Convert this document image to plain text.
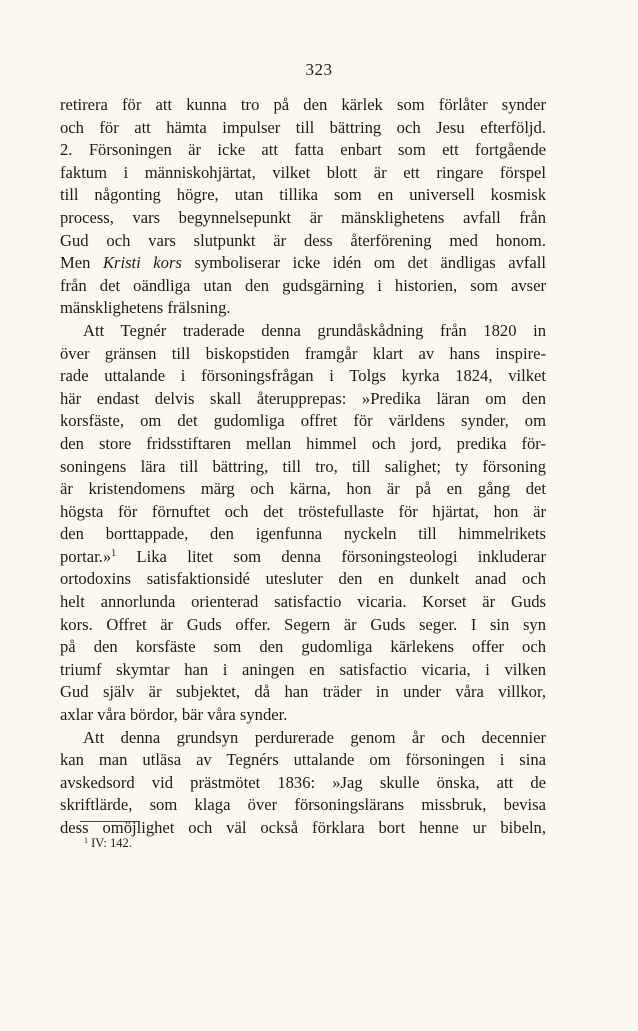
323
retirera för att kunna tro på den kärlek som förlåter synder
och för att hämta impulser till bättring och Jesu efterföljd.
2. Försoningen är icke att fatta enbart som ett fortgående
faktum i människohjärtat, vilket blott är ett ringare förspel
till någonting högre, utan tillika som en universell kosmisk
process, vars begynnelsepunkt är mänsklighetens avfall från
Gud och vars slutpunkt är dess återförening med honom.
Men Kristi kors symboliserar icke idén om det ändligas avfall
från det oändliga utan den gudsgärning i historien, som avser
mänsklighetens frälsning.
Att Tegnér traderade denna grundåskådning från 1820 in
över gränsen till biskopstiden framgår klart av hans inspire-
rade uttalande i försoningsfrågan i Tolgs kyrka 1824, vilket
här endast delvis skall återupprepas: »Predika läran om den
korsfäste, om det gudomliga offret för världens synder, om
den store fridsstiftaren mellan himmel och jord, predika för-
soningens lära till bättring, till tro, till salighet; ty försoning
är kristendomens märg och kärna, hon är på en gång det
högsta för förnuftet och det tröstefullaste för hjärtat, hon är
den borttappade, den igenfunna nyckeln till himmelrikets
portar.»$^1$ Lika litet som denna försoningsteologi inkluderar
ortodoxins satisfaktionsidé utesluter den en dunkelt anad och
helt annorlunda orienterad satisfactio vicaria. Korset är Guds
kors. Offret är Guds offer. Segern är Guds seger. I sin syn
på den korsfäste som den gudomliga kärlekens offer och
triumf skymtar han i aningen en satisfactio vicaria, i vilken
Gud själv är subjektet, då han träder in under våra villkor,
axlar våra bördor, bär våra synder.
Att denna grundsyn perdurerade genom år och decennier
kan man utläsa av Tegnérs uttalande om försoningen i sina
avskedsord vid prästmötet 1836: »Jag skulle önska, att de
skriftlärde, som klaga över försoningslärans missbruk, bevisa
dess omöjlighet och väl också förklara bort henne ur bibeln,
$^1$ IV: 142.
